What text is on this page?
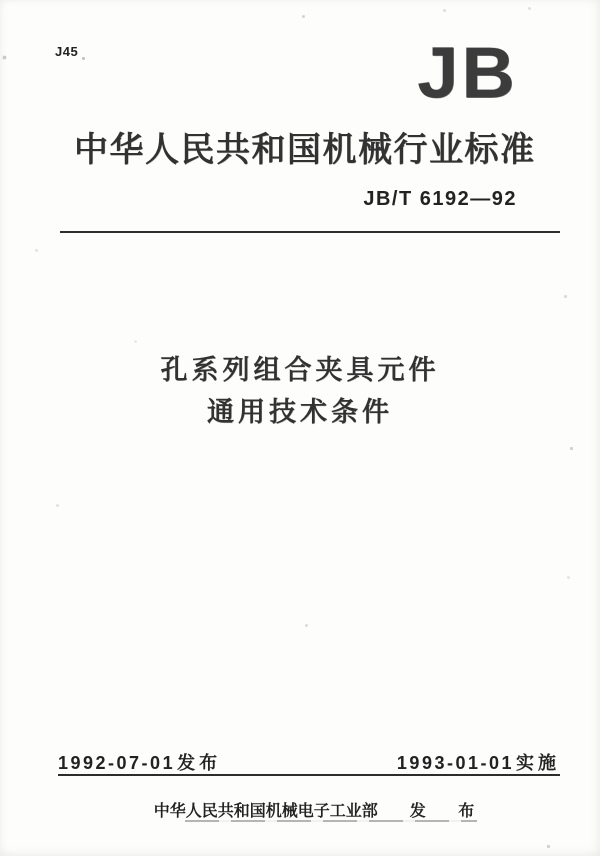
J45	JB
中华人民共和国机械行业标准
JB/T 6192—92
孔系列组合夹具元件
通用技术条件
1992-07-01 发布	1993-01-01 实施
中华人民共和国机械电子工业部 发 布
